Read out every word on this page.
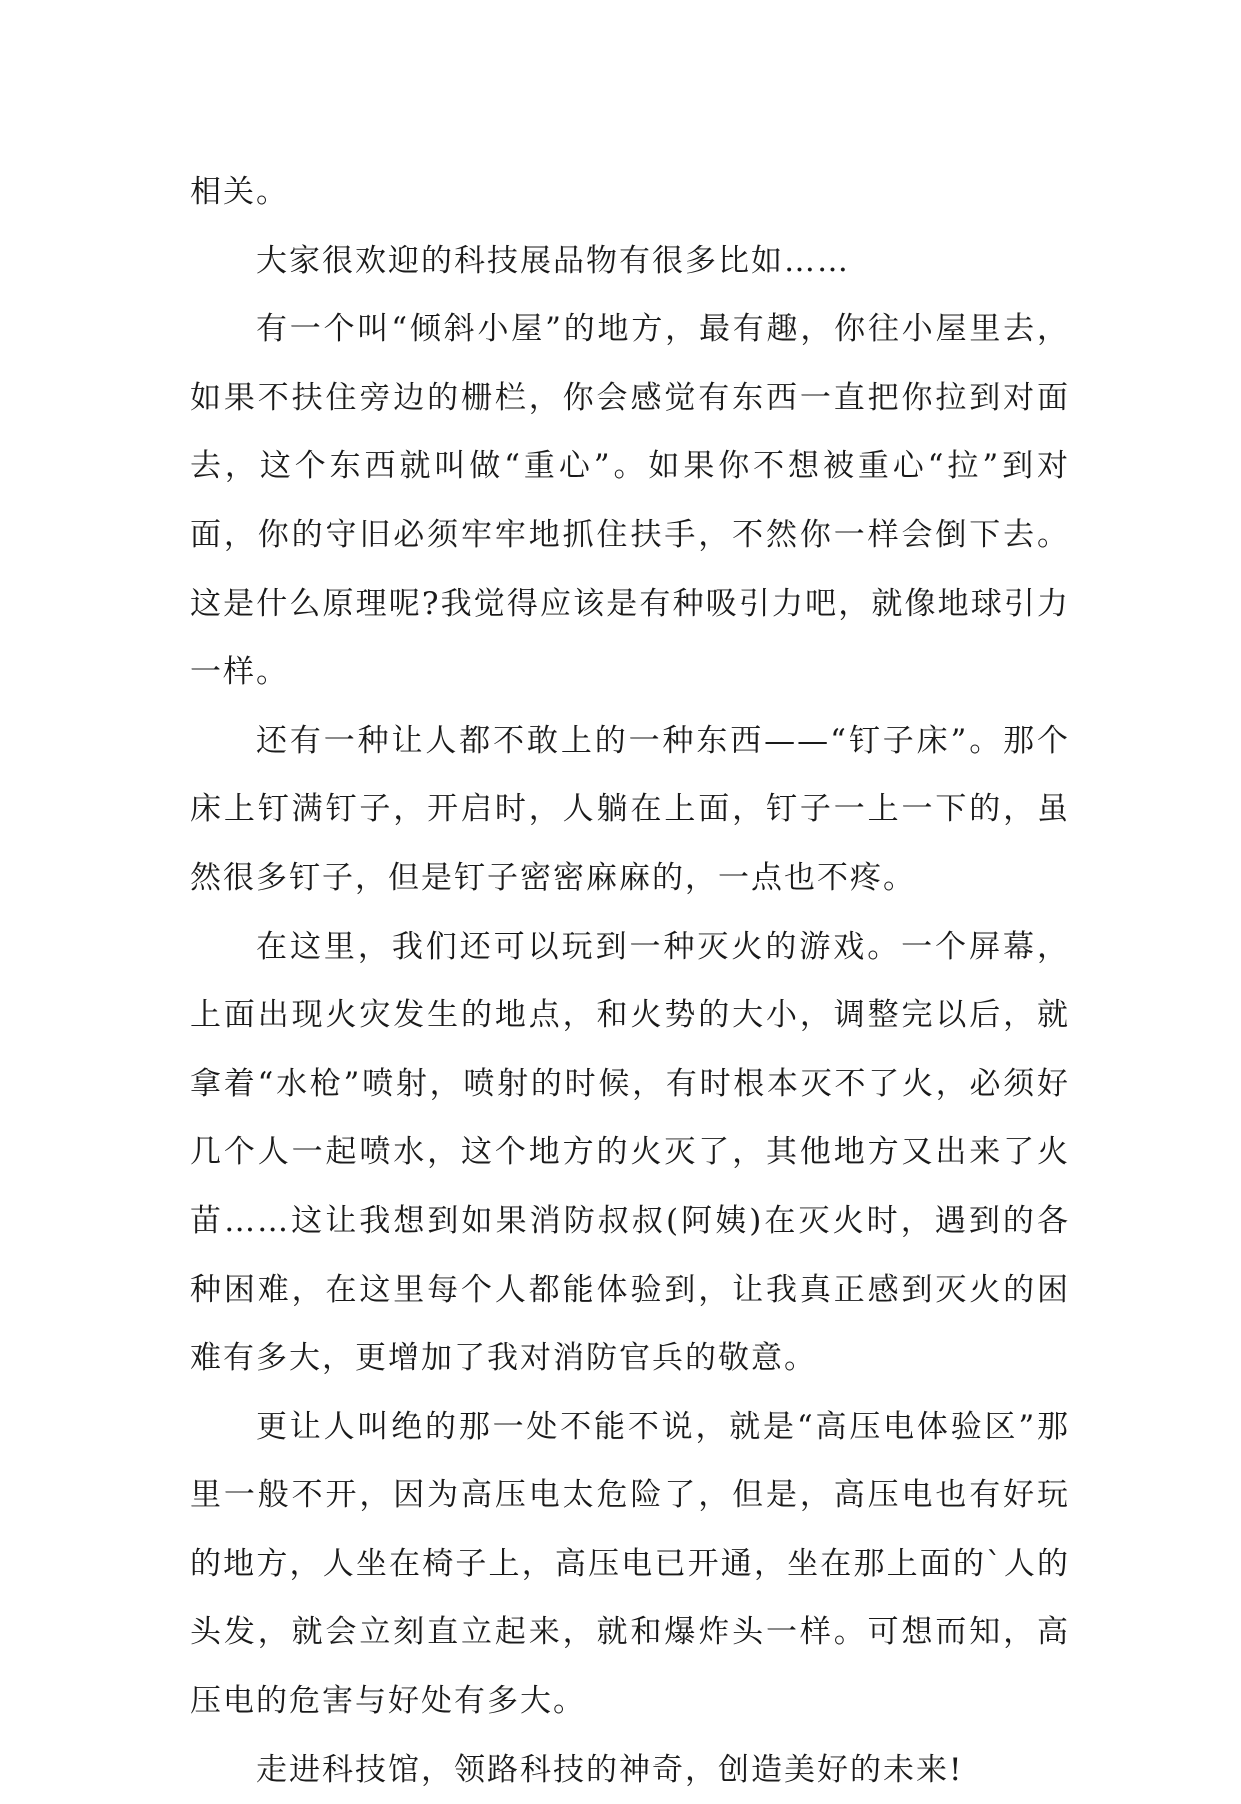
相关。

大家很欢迎的科技展品物有很多比如……

有一个叫“倾斜小屋”的地方，最有趣，你往小屋里去，如果不扶住旁边的栅栏，你会感觉有东西一直把你拉到对面去，这个东西就叫做“重心”。如果你不想被重心“拉”到对面，你的守旧必须牢牢地抓住扶手，不然你一样会倒下去。这是什么原理呢?我觉得应该是有种吸引力吧，就像地球引力一样。

还有一种让人都不敢上的一种东西——“钉子床”。那个床上钉满钉子，开启时，人躺在上面，钉子一上一下的，虽然很多钉子，但是钉子密密麻麻的，一点也不疼。

在这里，我们还可以玩到一种灭火的游戏。一个屏幕，上面出现火灾发生的地点，和火势的大小，调整完以后，就拿着“水枪”喷射，喷射的时候，有时根本灭不了火，必须好几个人一起喷水，这个地方的火灭了，其他地方又出来了火苗……这让我想到如果消防叔叔(阿姨)在灭火时，遇到的各种困难，在这里每个人都能体验到，让我真正感到灭火的困难有多大，更增加了我对消防官兵的敬意。

更让人叫绝的那一处不能不说，就是“高压电体验区”那里一般不开，因为高压电太危险了，但是，高压电也有好玩的地方，人坐在椅子上，高压电已开通，坐在那上面的`人的头发，就会立刻直立起来，就和爆炸头一样。可想而知，高压电的危害与好处有多大。

走进科技馆，领路科技的神奇，创造美好的未来!
